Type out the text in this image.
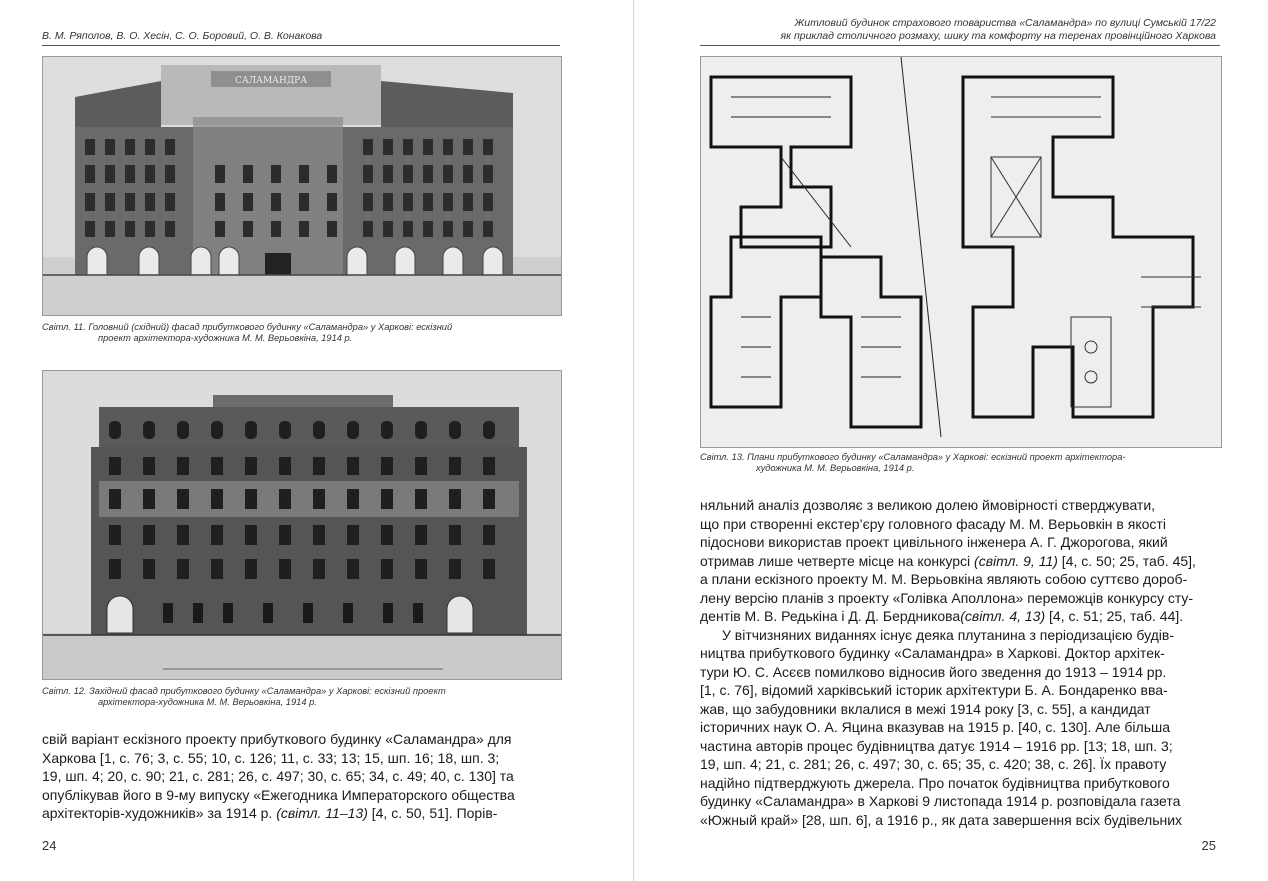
В. М. Ряполов, В. О. Хесін, С. О. Боровий, О. В. Конакова
САЛАМАНДРА
Світл. 11. Головний (східний) фасад прибуткового будинку «Саламандра» у Харкові: ескізний
проект архітектора-художника М. М. Верьовкіна, 1914 р.
Світл. 12. Західний фасад прибуткового будинку «Саламандра» у Харкові: ескізний проект
архітектора-художника М. М. Верьовкіна, 1914 р.

свій варіант ескізного проекту прибуткового будинку «Саламандра» для

Харкова [1, с. 76; 3, с. 55; 10, с. 126; 11, с. 33; 13; 15, шп. 16; 18, шп. 3;

19, шп. 4; 20, с. 90; 21, с. 281; 26, с. 497; 30, с. 65; 34, с. 49; 40, с. 130] та

опублікував його в 9-му випуску «Ежегодника Императорского общества

архітекторів-художників» за 1914 р. (світл. 11–13) [4, с. 50, 51]. Порів-

24
Житловий будинок страхового товариства «Саламандра» по вулиці Сумській 17/22
як приклад столичного розмаху, шику та комфорту на теренах провінційного Харкова
Світл. 13. Плани прибуткового будинку «Саламандра» у Харкові: ескізний проект архітектора-
художника М. М. Верьовкіна, 1914 р.

няльний аналіз дозволяє з великою долею ймовірності стверджувати,

що при створенні екстер’єру головного фасаду М. М. Верьовкін в якості

підоснови використав проект цивільного інженера А. Г. Джорогова, який

отримав лише четверте місце на конкурсі (світл. 9, 11) [4, с. 50; 25, таб. 45],

а плани ескізного проекту М. М. Верьовкіна являють собою суттєво дороб-

лену версію планів з проекту «Голівка Аполлона» переможців конкурсу сту-

дентів М. В. Редькіна і Д. Д. Бердникова(світл. 4, 13) [4, с. 51; 25, таб. 44].

У вітчизняних виданнях існує деяка плутанина з періодизацією будів-

ництва прибуткового будинку «Саламандра» в Харкові. Доктор архітек-

тури Ю. С. Асєєв помилково відносив його зведення до 1913 – 1914 рр.

[1, с. 76], відомий харківський історик архітектури Б. А. Бондаренко вва-

жав, що забудовники вклалися в межі 1914 року [3, с. 55], а кандидат

історичних наук О. А. Яцина вказував на 1915 р. [40, с. 130]. Але більша

частина авторів процес будівництва датує 1914 – 1916 рр. [13; 18, шп. 3;

19, шп. 4; 21, с. 281; 26, с. 497; 30, с. 65; 35, с. 420; 38, с. 26]. Їх правоту

надійно підтверджують джерела. Про початок будівництва прибуткового

будинку «Саламандра» в Харкові 9 листопада 1914 р. розповідала газета

«Южный край» [28, шп. 6], а 1916 р., як дата завершення всіх будівельних

25
